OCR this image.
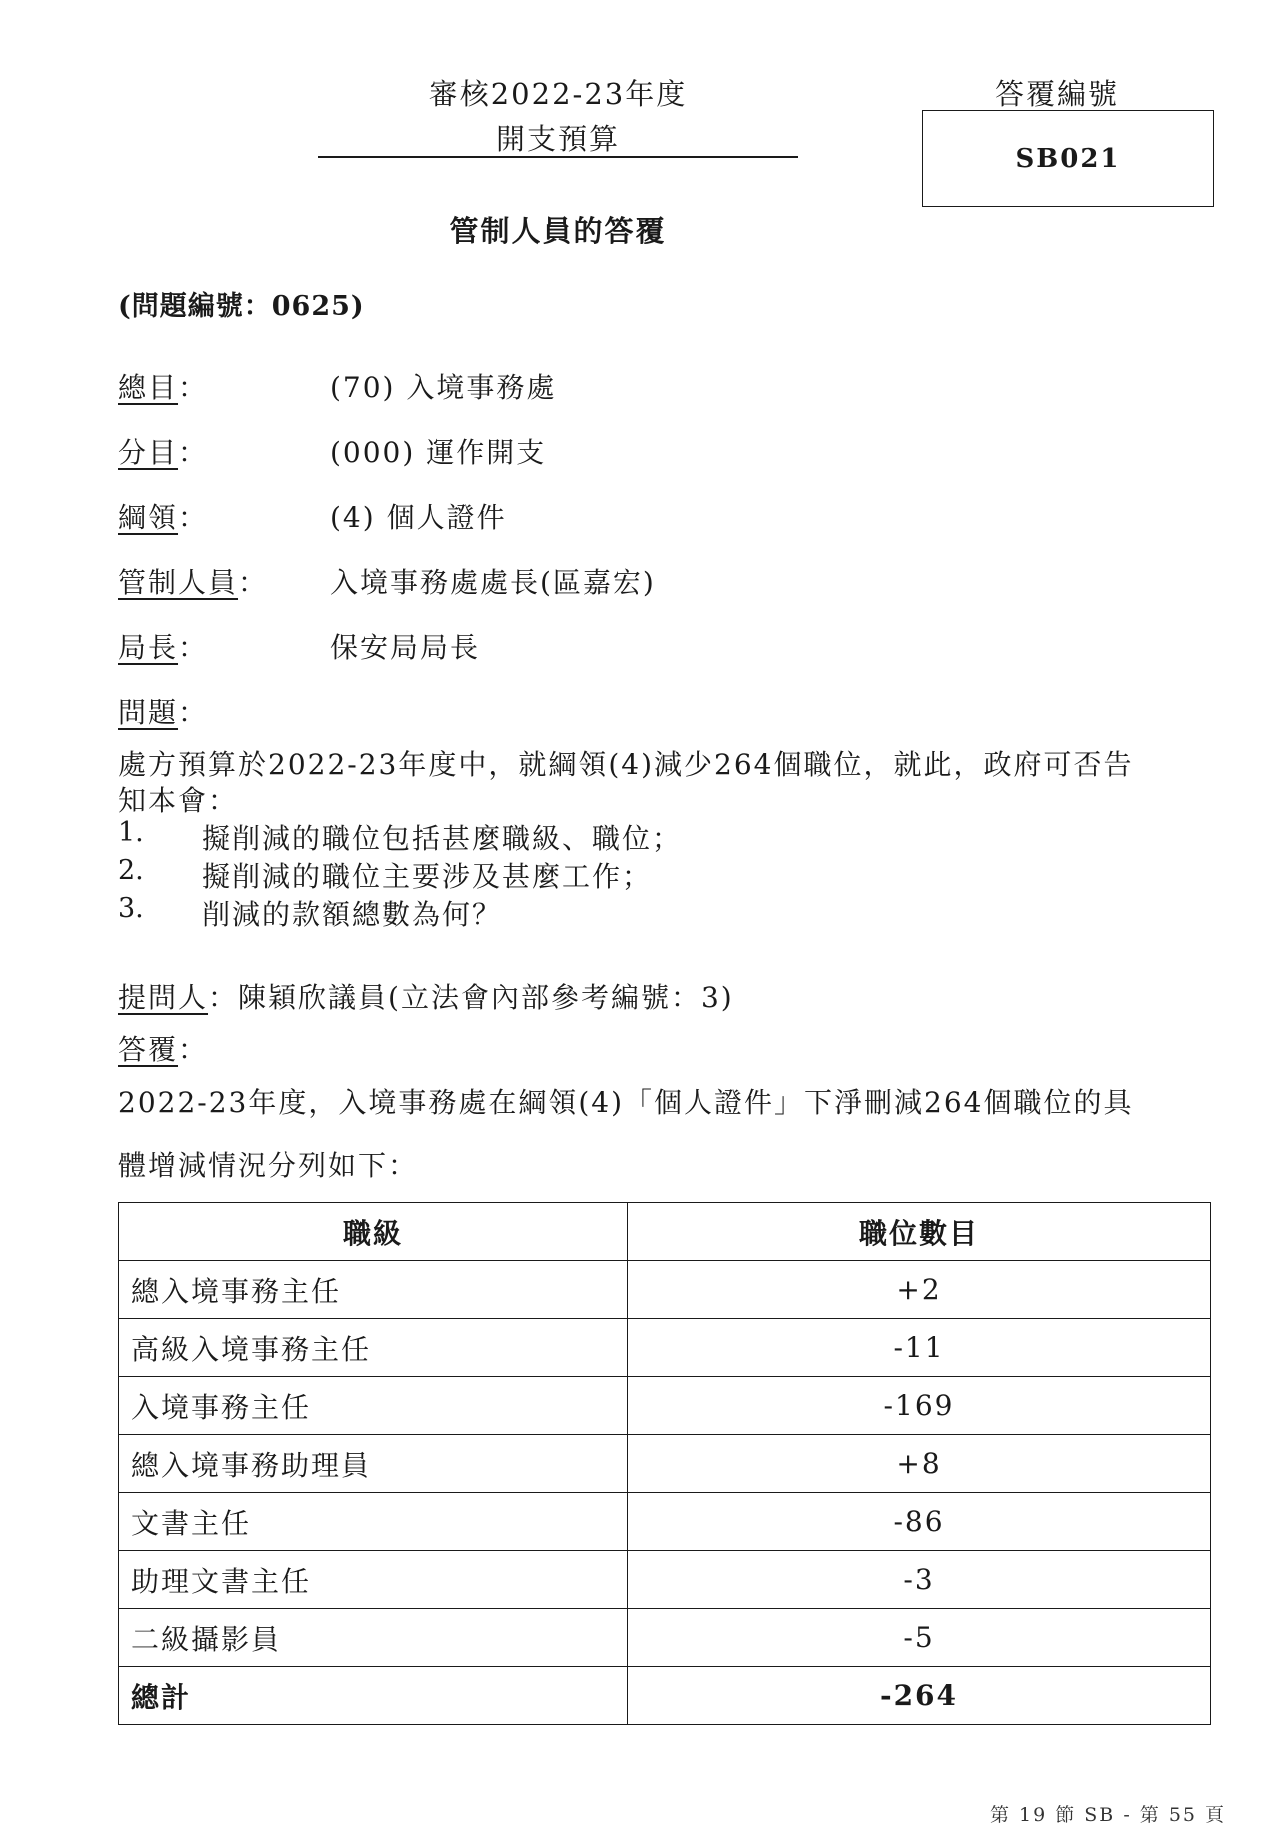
審核2022-23年度
開支預算
答覆編號
SB021
管制人員的答覆
(問題編號：0625)
總目：	(70) 入境事務處
分目：	(000) 運作開支
綱領：	(4) 個人證件
管制人員： 入境事務處處長(區嘉宏)
局長：	保安局局長
問題：
處方預算於2022-23年度中，就綱領(4)減少264個職位，就此，政府可否告
知本會：
1. 擬削減的職位包括甚麼職級、職位；
2. 擬削減的職位主要涉及甚麼工作；
3. 削減的款額總數為何？
提問人：陳穎欣議員(立法會內部參考編號：3)
答覆：
2022-23年度，入境事務處在綱領(4)「個人證件」下淨刪減264個職位的具
體增減情況分列如下：
職級	職位數目
總入境事務主任	+2
高級入境事務主任	-11
入境事務主任	-169
總入境事務助理員	+8
文書主任	-86
助理文書主任	-3
二級攝影員	-5
總計	-264
第 19 節 SB - 第 55 頁
